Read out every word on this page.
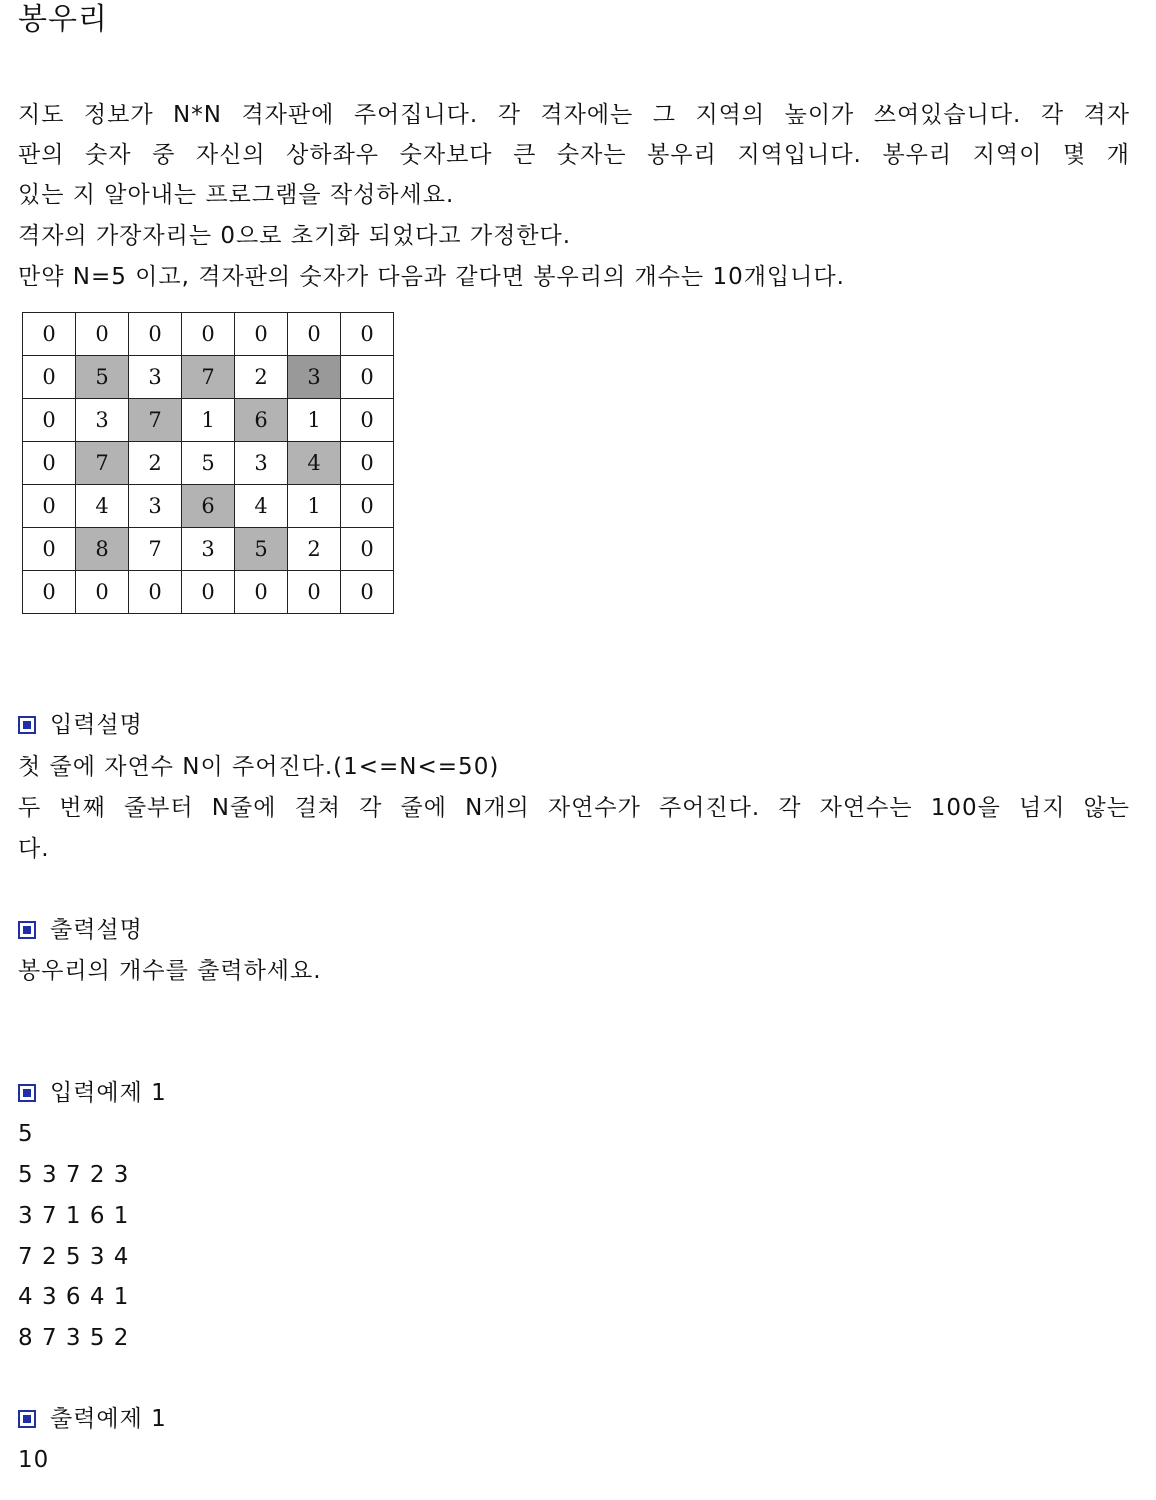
봉우리
지도 정보가 N*N 격자판에 주어집니다. 각 격자에는 그 지역의 높이가 쓰여있습니다. 각 격자
판의 숫자 중 자신의 상하좌우 숫자보다 큰 숫자는 봉우리 지역입니다. 봉우리 지역이 몇 개
있는 지 알아내는 프로그램을 작성하세요.
격자의 가장자리는 0으로 초기화 되었다고 가정한다.
만약 N=5 이고, 격자판의 숫자가 다음과 같다면 봉우리의 개수는 10개입니다.
0	0	0	0	0	0	0
0	5	3	7	2	3	0
0	3	7	1	6	1	0
0	7	2	5	3	4	0
0	4	3	6	4	1	0
0	8	7	3	5	2	0
0	0	0	0	0	0	0
입력설명
첫 줄에 자연수 N이 주어진다.(1<=N<=50)
두 번째 줄부터 N줄에 걸쳐 각 줄에 N개의 자연수가 주어진다. 각 자연수는 100을 넘지 않는
다.
출력설명
봉우리의 개수를 출력하세요.
입력예제 1
5
5 3 7 2 3
3 7 1 6 1
7 2 5 3 4
4 3 6 4 1
8 7 3 5 2
출력예제 1
10
